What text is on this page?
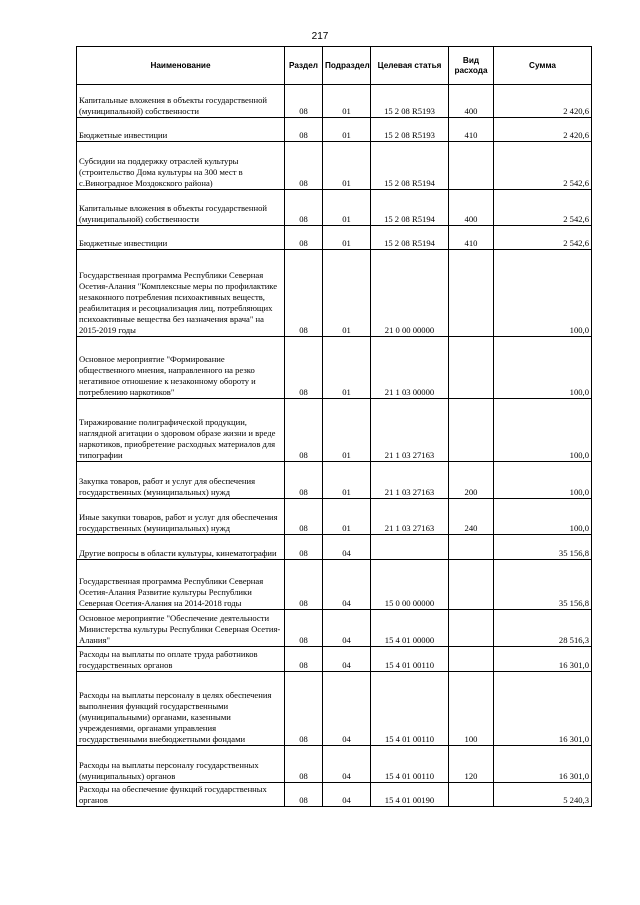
217
Наименование	Раздел	Подраздел	Целевая статья	Вид расхода	Сумма
Капитальные вложения в объекты государственной (муниципальной) собственности	08	01	15 2 08 R5193	400	2 420,6
Бюджетные инвестиции	08	01	15 2 08 R5193	410	2 420,6
Субсидии на поддержку отраслей культуры (строительство Дома культуры на 300 мест в с.Виноградное Моздокского района)	08	01	15 2 08 R5194		2 542,6
Капитальные вложения в объекты государственной (муниципальной) собственности	08	01	15 2 08 R5194	400	2 542,6
Бюджетные инвестиции	08	01	15 2 08 R5194	410	2 542,6
Государственная программа Республики Северная Осетия-Алания "Комплексные меры по профилактике незаконного потребления психоактивных веществ, реабилитация и ресоциализация лиц, потребляющих психоактивные вещества без назначения врача" на 2015-2019 годы	08	01	21 0 00 00000		100,0
Основное мероприятие "Формирование общественного мнения, направленного на резко негативное отношение к незаконному обороту и потреблению наркотиков"	08	01	21 1 03 00000		100,0
Тиражирование полиграфической продукции, наглядной агитации о здоровом образе жизни и вреде наркотиков, приобретение расходных материалов для типографии	08	01	21 1 03 27163		100,0
Закупка товаров, работ и услуг для обеспечения государственных (муниципальных) нужд	08	01	21 1 03 27163	200	100,0
Иные закупки товаров, работ и услуг для обеспечения государственных (муниципальных) нужд	08	01	21 1 03 27163	240	100,0
Другие вопросы в области культуры, кинематографии	08	04			35 156,8
Государственная программа Республики Северная Осетия-Алания Развитие культуры Республики Северная Осетия-Алания на 2014-2018 годы	08	04	15 0 00 00000		35 156,8
Основное мероприятие "Обеспечение деятельности Министерства культуры Республики Северная Осетия-Алания"	08	04	15 4 01 00000		28 516,3
Расходы на выплаты по оплате труда работников государственных органов	08	04	15 4 01 00110		16 301,0
Расходы на выплаты персоналу в целях обеспечения выполнения функций государственными (муниципальными) органами, казенными учреждениями, органами управления государственными внебюджетными фондами	08	04	15 4 01 00110	100	16 301,0
Расходы на выплаты персоналу государственных (муниципальных) органов	08	04	15 4 01 00110	120	16 301,0
Расходы на обеспечение функций государственных органов	08	04	15 4 01 00190		5 240,3
